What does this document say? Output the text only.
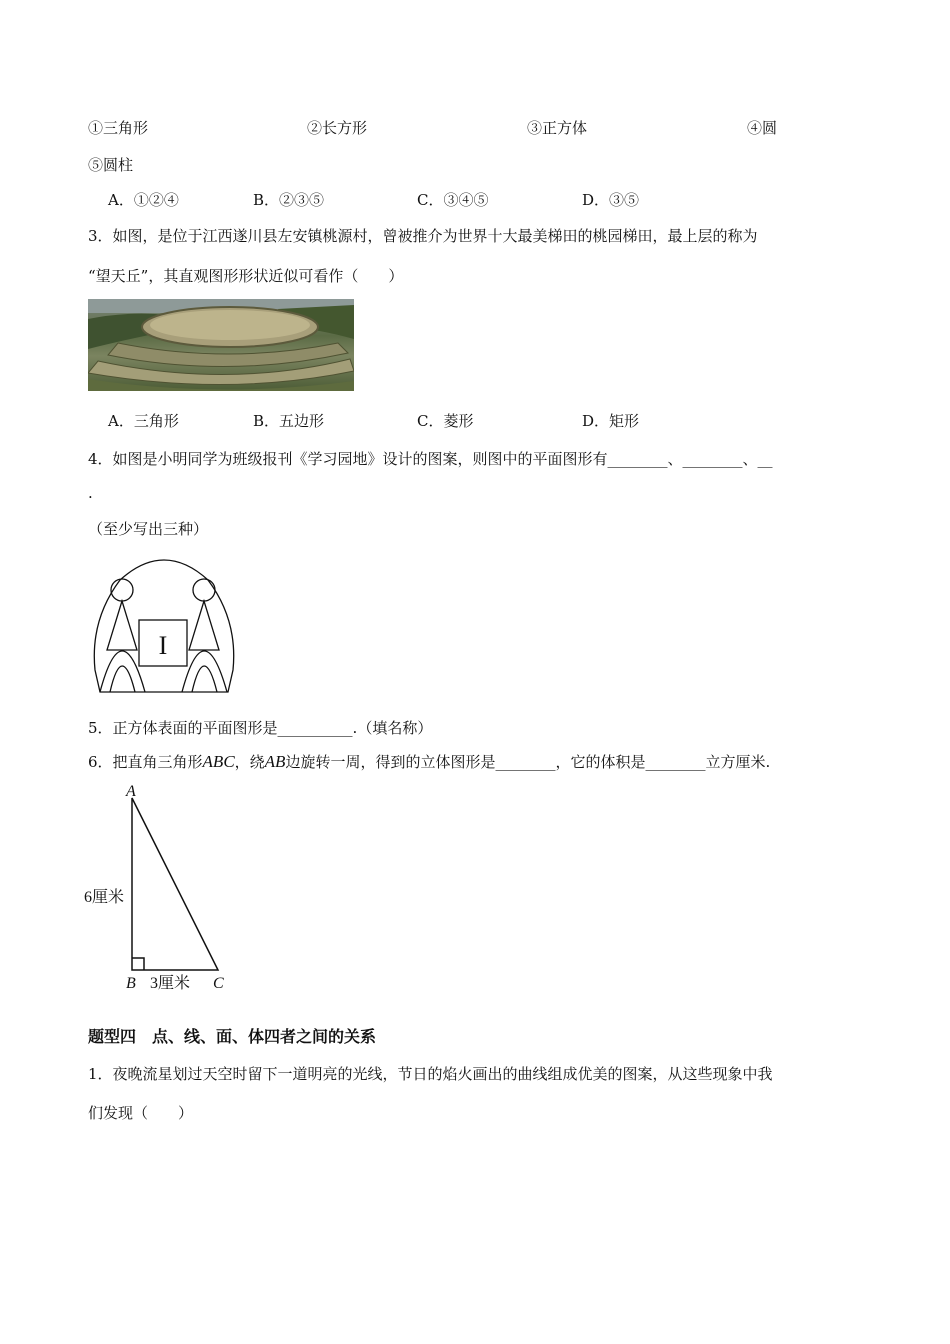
①三角形	②长方形	③正方体	④圆
⑤圆柱
A．①②④	B．②③⑤	C．③④⑤	D．③⑤
3．如图，是位于江西遂川县左安镇桃源村，曾被推介为世界十大最美梯田的桃园梯田，最上层的称为
“望天丘”，其直观图形形状近似可看作（　　）
A．三角形	B．五边形	C．菱形	D．矩形
4．如图是小明同学为班级报刊《学习园地》设计的图案，则图中的平面图形有________、________、__
.
（至少写出三种）
I
5．正方体表面的平面图形是__________.（填名称）
6．把直角三角形ABC，绕AB边旋转一周，得到的立体图形是________，它的体积是________立方厘米.
A
B	C
6厘米
3厘米
题型四　点、线、面、体四者之间的关系
1．夜晚流星划过天空时留下一道明亮的光线，节日的焰火画出的曲线组成优美的图案，从这些现象中我
们发现（　　）
